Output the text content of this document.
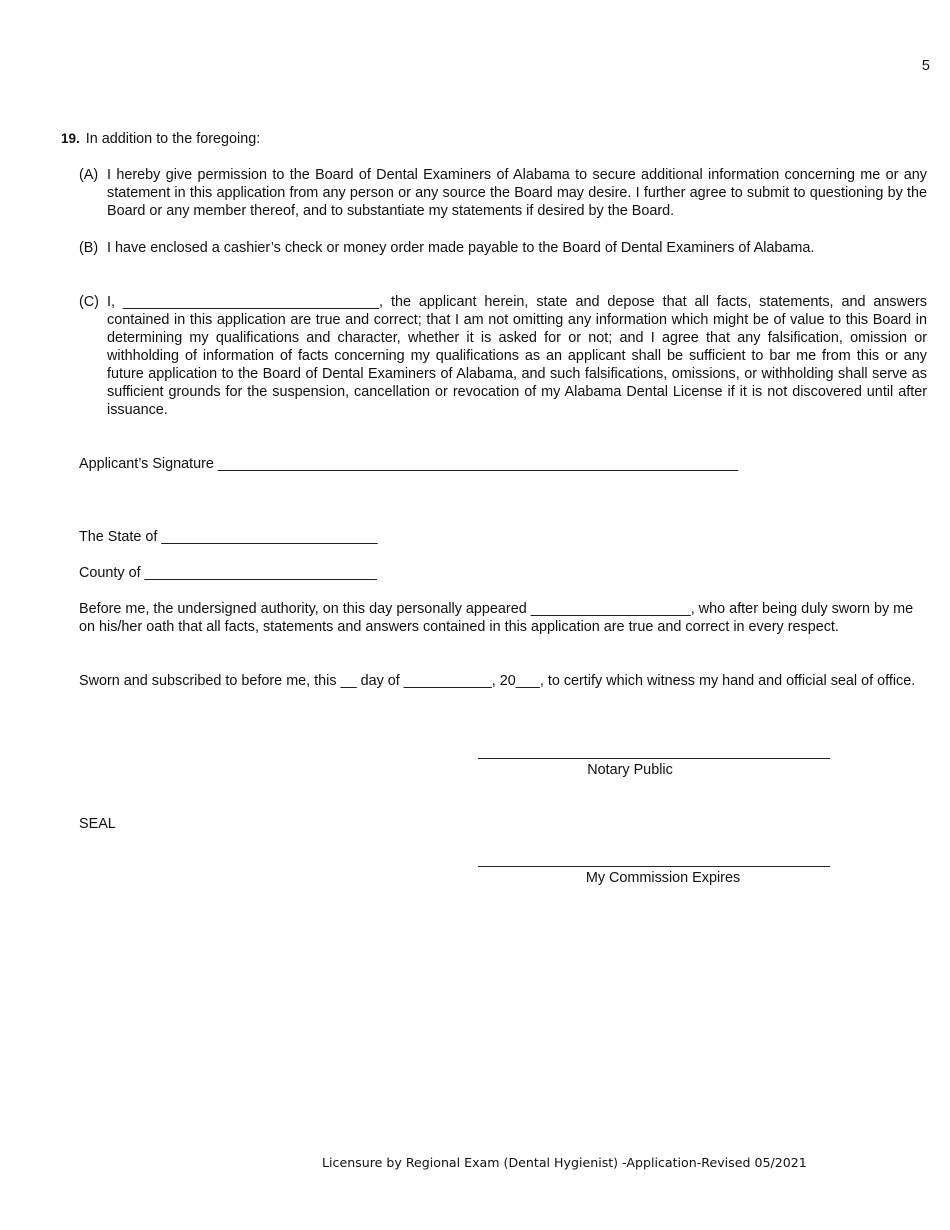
5
19. In addition to the foregoing:
(A) I hereby give permission to the Board of Dental Examiners of Alabama to secure additional information concerning me or any statement in this application from any person or any source the Board may desire. I further agree to submit to questioning by the Board or any member thereof, and to substantiate my statements if desired by the Board.
(B) I have enclosed a cashier’s check or money order made payable to the Board of Dental Examiners of Alabama.
(C) I, ________________________________, the applicant herein, state and depose that all facts, statements, and answers contained in this application are true and correct; that I am not omitting any information which might be of value to this Board in determining my qualifications and character, whether it is asked for or not; and I agree that any falsification, omission or withholding of information of facts concerning my qualifications as an applicant shall be sufficient to bar me from this or any future application to the Board of Dental Examiners of Alabama, and such falsifications, omissions, or withholding shall serve as sufficient grounds for the suspension, cancellation or revocation of my Alabama Dental License if it is not discovered until after issuance.
Applicant’s Signature _________________________________________________________________
The State of ___________________________
County of _____________________________
Before me, the undersigned authority, on this day personally appeared ____________________, who after being duly sworn by me on his/her oath that all facts, statements and answers contained in this application are true and correct in every respect.
Sworn and subscribed to before me, this __ day of ___________, 20___, to certify which witness my hand and official seal of office.
Notary Public
SEAL
My Commission Expires
Licensure by Regional Exam (Dental Hygienist) -Application-Revised 05/2021
